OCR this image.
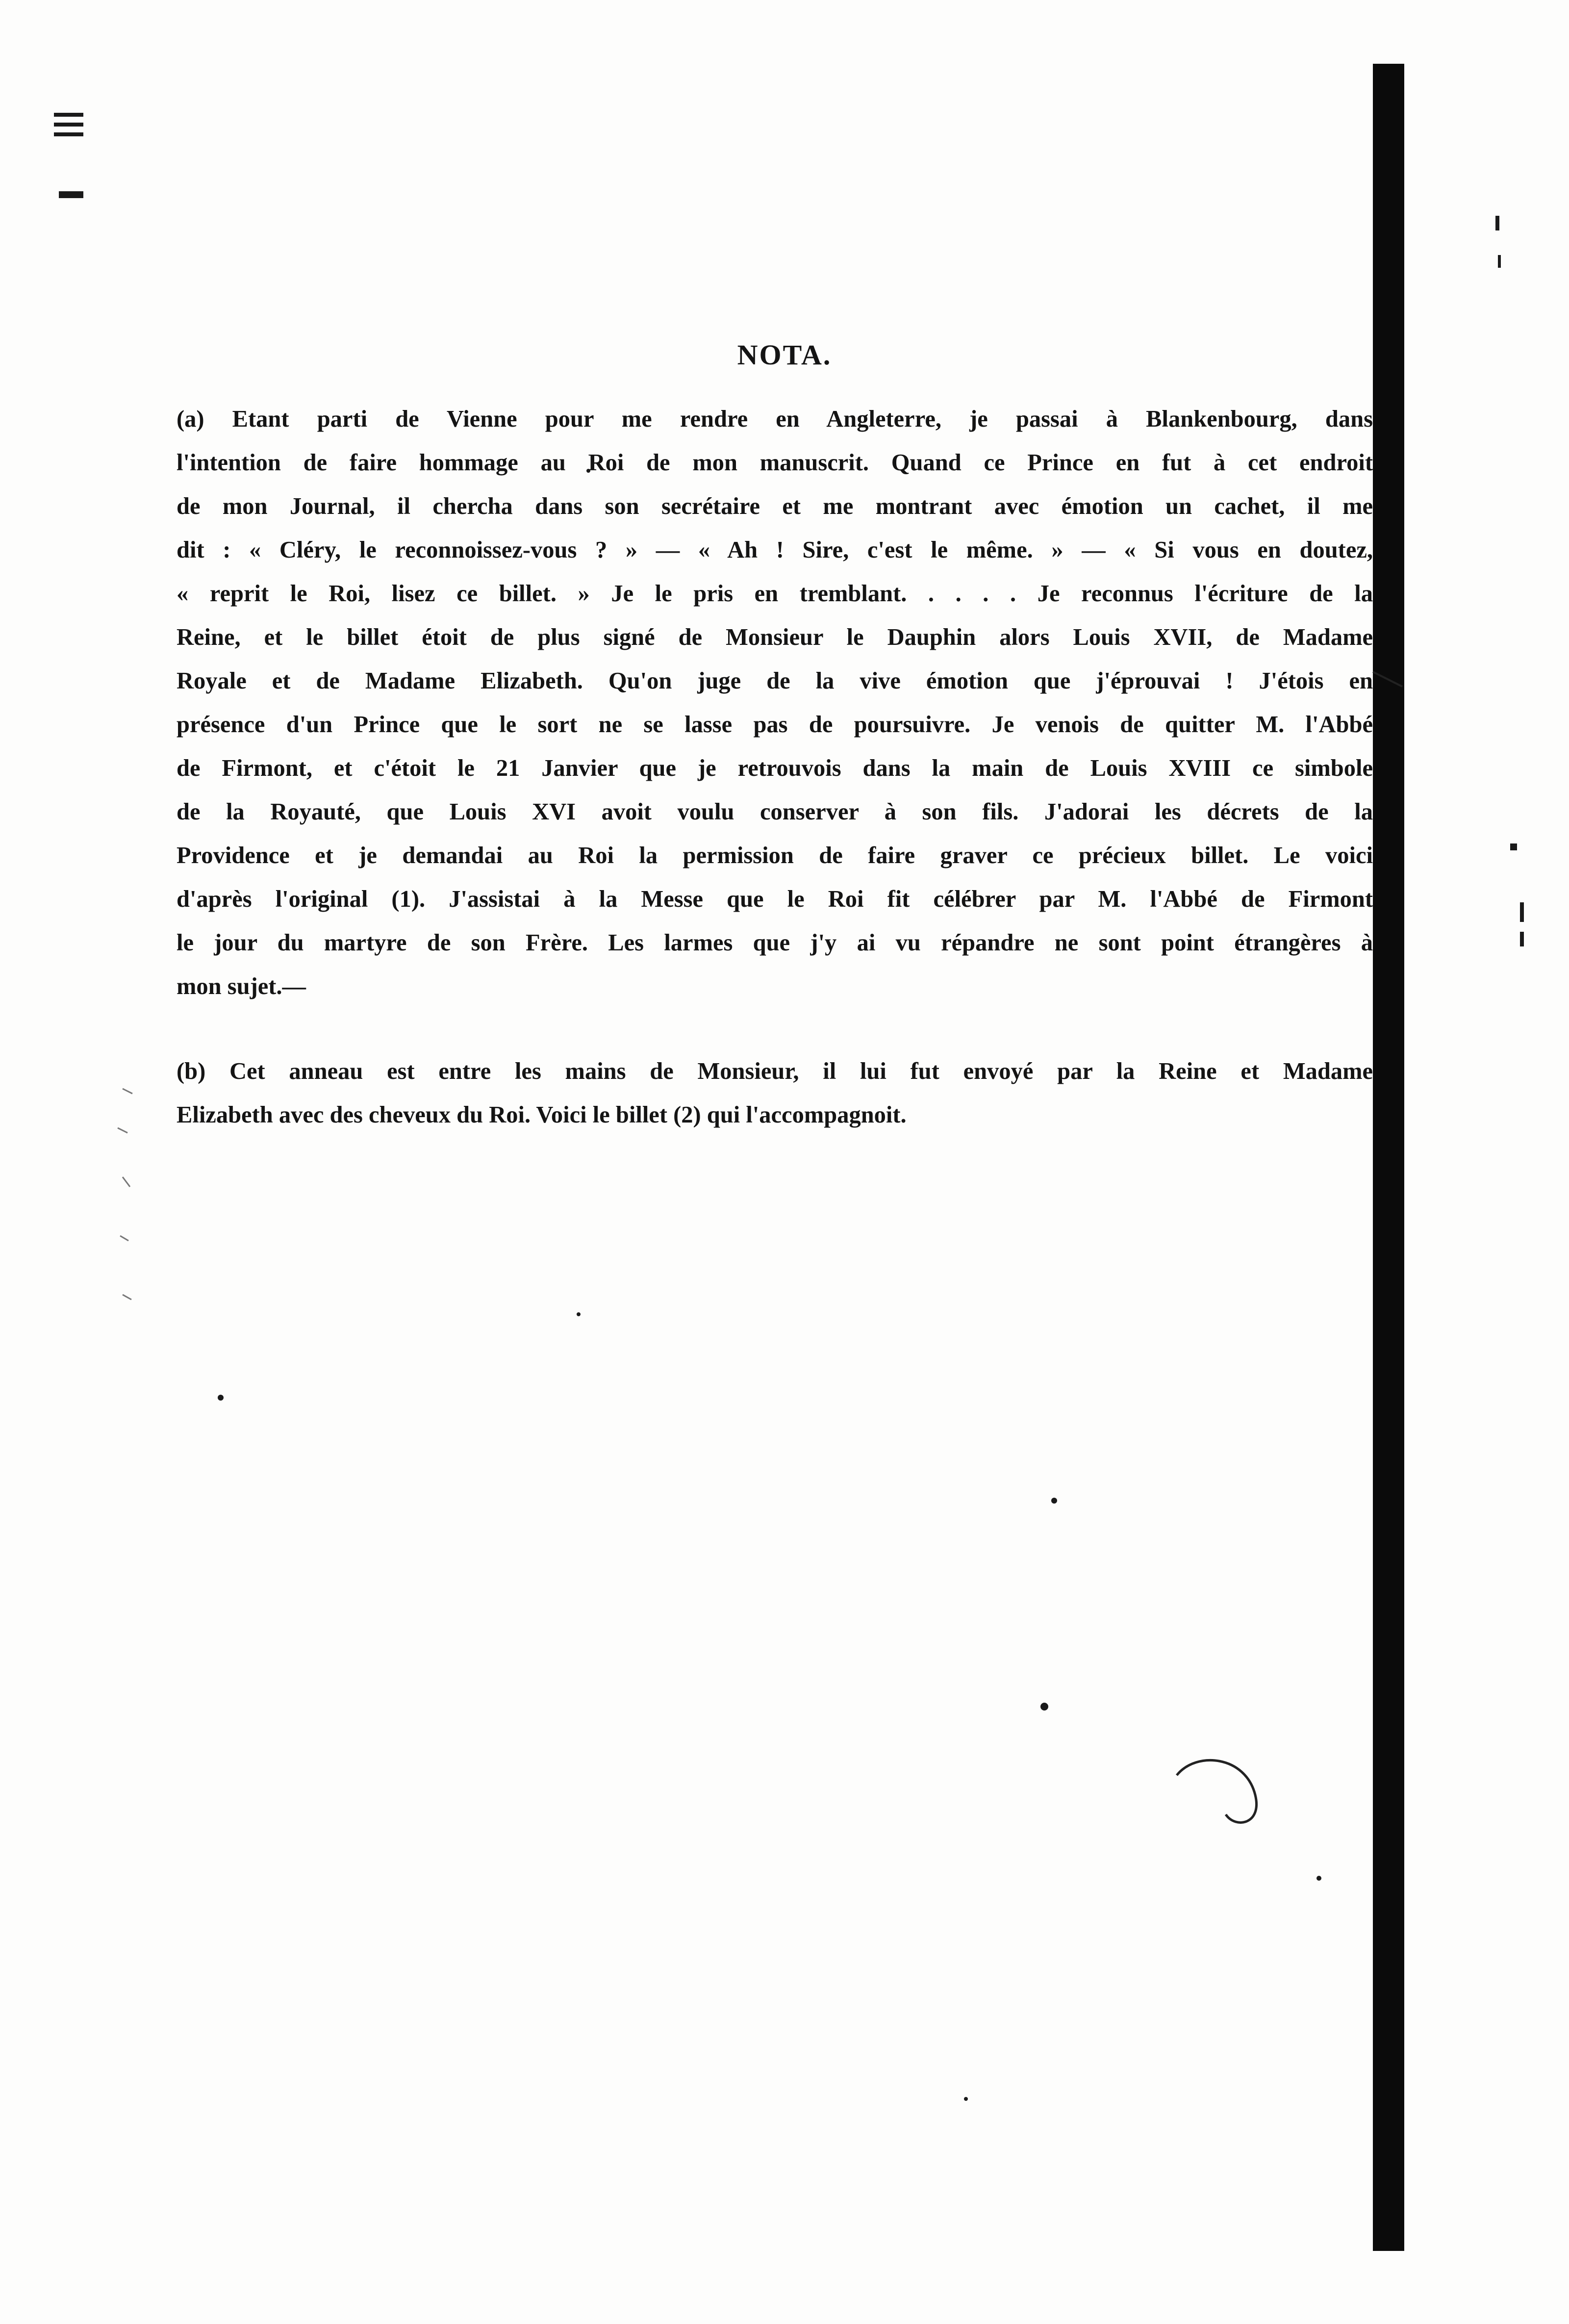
NOTA.
(a) Etant parti de Vienne pour me rendre en Angleterre, je passai à Blankenbourg, dans
l'intention de faire hommage au Roi de mon manuscrit. Quand ce Prince en fut à cet endroit
de mon Journal, il chercha dans son secrétaire et me montrant avec émotion un cachet, il me
dit : « Cléry, le reconnoissez-vous ? » — « Ah ! Sire, c'est le même. » — « Si vous en doutez,
« reprit le Roi, lisez ce billet. » Je le pris en tremblant. . . . . Je reconnus l'écriture de la
Reine, et le billet étoit de plus signé de Monsieur le Dauphin alors Louis XVII, de Madame
Royale et de Madame Elizabeth. Qu'on juge de la vive émotion que j'éprouvai ! J'étois en
présence d'un Prince que le sort ne se lasse pas de poursuivre. Je venois de quitter M. l'Abbé
de Firmont, et c'étoit le 21 Janvier que je retrouvois dans la main de Louis XVIII ce simbole
de la Royauté, que Louis XVI avoit voulu conserver à son fils. J'adorai les décrets de la
Providence et je demandai au Roi la permission de faire graver ce précieux billet. Le voici
d'après l'original (1). J'assistai à la Messe que le Roi fit célébrer par M. l'Abbé de Firmont
le jour du martyre de son Frère. Les larmes que j'y ai vu répandre ne sont point étrangères à
mon sujet.—
(b) Cet anneau est entre les mains de Monsieur, il lui fut envoyé par la Reine et Madame
Elizabeth avec des cheveux du Roi. Voici le billet (2) qui l'accompagnoit.
